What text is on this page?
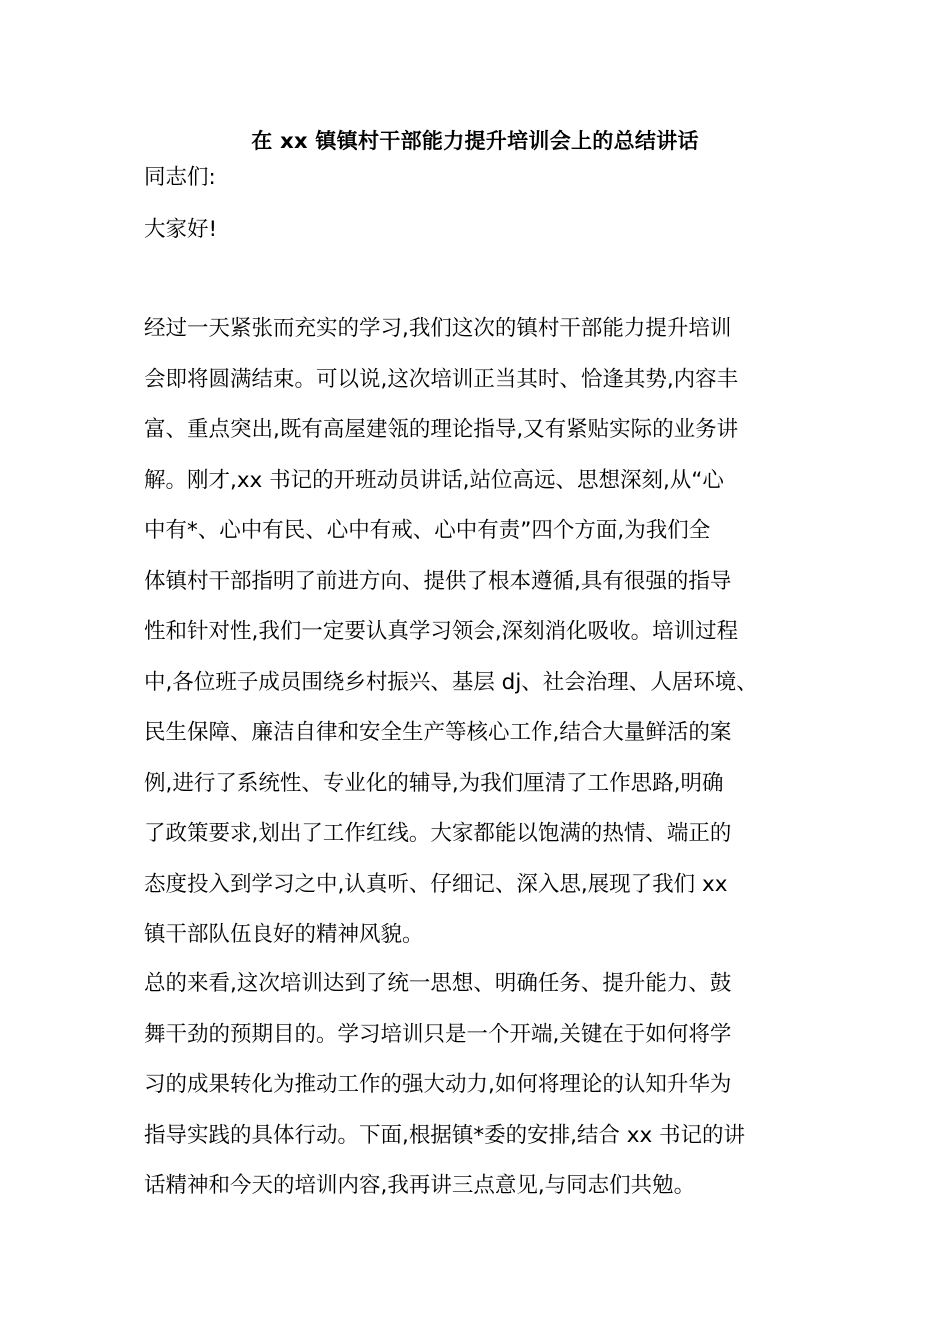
在 xx 镇镇村干部能力提升培训会上的总结讲话

同志们:

大家好!

经过一天紧张而充实的学习,我们这次的镇村干部能力提升培训
会即将圆满结束。可以说,这次培训正当其时、恰逢其势,内容丰
富、重点突出,既有高屋建瓴的理论指导,又有紧贴实际的业务讲
解。刚才,xx 书记的开班动员讲话,站位高远、思想深刻,从“心
中有*、心中有民、心中有戒、心中有责”四个方面,为我们全
体镇村干部指明了前进方向、提供了根本遵循,具有很强的指导
性和针对性,我们一定要认真学习领会,深刻消化吸收。培训过程
中,各位班子成员围绕乡村振兴、基层 dj、社会治理、人居环境、
民生保障、廉洁自律和安全生产等核心工作,结合大量鲜活的案
例,进行了系统性、专业化的辅导,为我们厘清了工作思路,明确
了政策要求,划出了工作红线。大家都能以饱满的热情、端正的
态度投入到学习之中,认真听、仔细记、深入思,展现了我们 xx
镇干部队伍良好的精神风貌。

总的来看,这次培训达到了统一思想、明确任务、提升能力、鼓
舞干劲的预期目的。学习培训只是一个开端,关键在于如何将学
习的成果转化为推动工作的强大动力,如何将理论的认知升华为
指导实践的具体行动。下面,根据镇*委的安排,结合 xx 书记的讲
话精神和今天的培训内容,我再讲三点意见,与同志们共勉。
